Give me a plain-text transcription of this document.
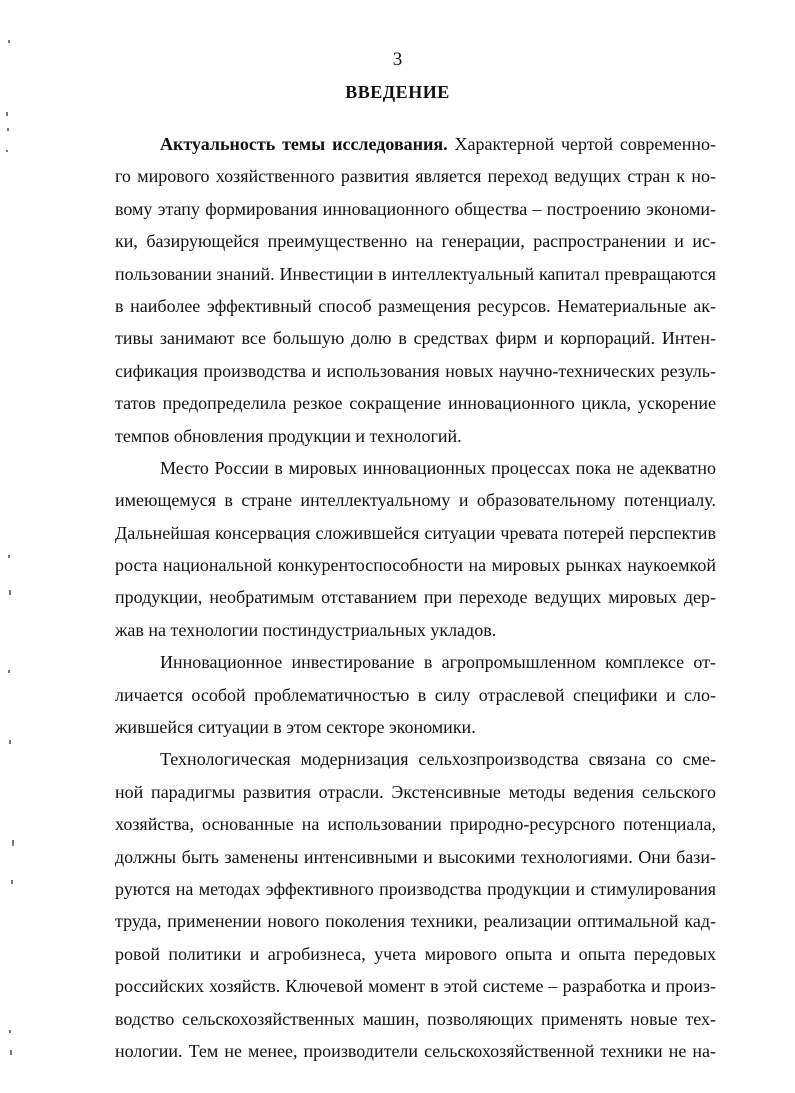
3
ВВЕДЕНИЕ

Актуальность темы исследования. Характерной чертой современно-
го мирового хозяйственного развития является переход ведущих стран к но-
вому этапу формирования инновационного общества – построению экономи-
ки, базирующейся преимущественно на генерации, распространении и ис-
пользовании знаний. Инвестиции в интеллектуальный капитал превращаются
в наиболее эффективный способ размещения ресурсов. Нематериальные ак-
тивы занимают все большую долю в средствах фирм и корпораций. Интен-
сификация производства и использования новых научно-технических резуль-
татов предопределила резкое сокращение инновационного цикла, ускорение
темпов обновления продукции и технологий.

Место России в мировых инновационных процессах пока не адекватно
имеющемуся в стране интеллектуальному и образовательному потенциалу.
Дальнейшая консервация сложившейся ситуации чревата потерей перспектив
роста национальной конкурентоспособности на мировых рынках наукоемкой
продукции, необратимым отставанием при переходе ведущих мировых дер-
жав на технологии постиндустриальных укладов.

Инновационное инвестирование в агропромышленном комплексе от-
личается особой проблематичностью в силу отраслевой специфики и сло-
жившейся ситуации в этом секторе экономики.

Технологическая модернизация сельхозпроизводства связана со сме-
ной парадигмы развития отрасли. Экстенсивные методы ведения сельского
хозяйства, основанные на использовании природно-ресурсного потенциала,
должны быть заменены интенсивными и высокими технологиями. Они бази-
руются на методах эффективного производства продукции и стимулирования
труда, применении нового поколения техники, реализации оптимальной кад-
ровой политики и агробизнеса, учета мирового опыта и опыта передовых
российских хозяйств. Ключевой момент в этой системе – разработка и произ-
водство сельскохозяйственных машин, позволяющих применять новые тех-
нологии. Тем не менее, производители сельскохозяйственной техники не на-
